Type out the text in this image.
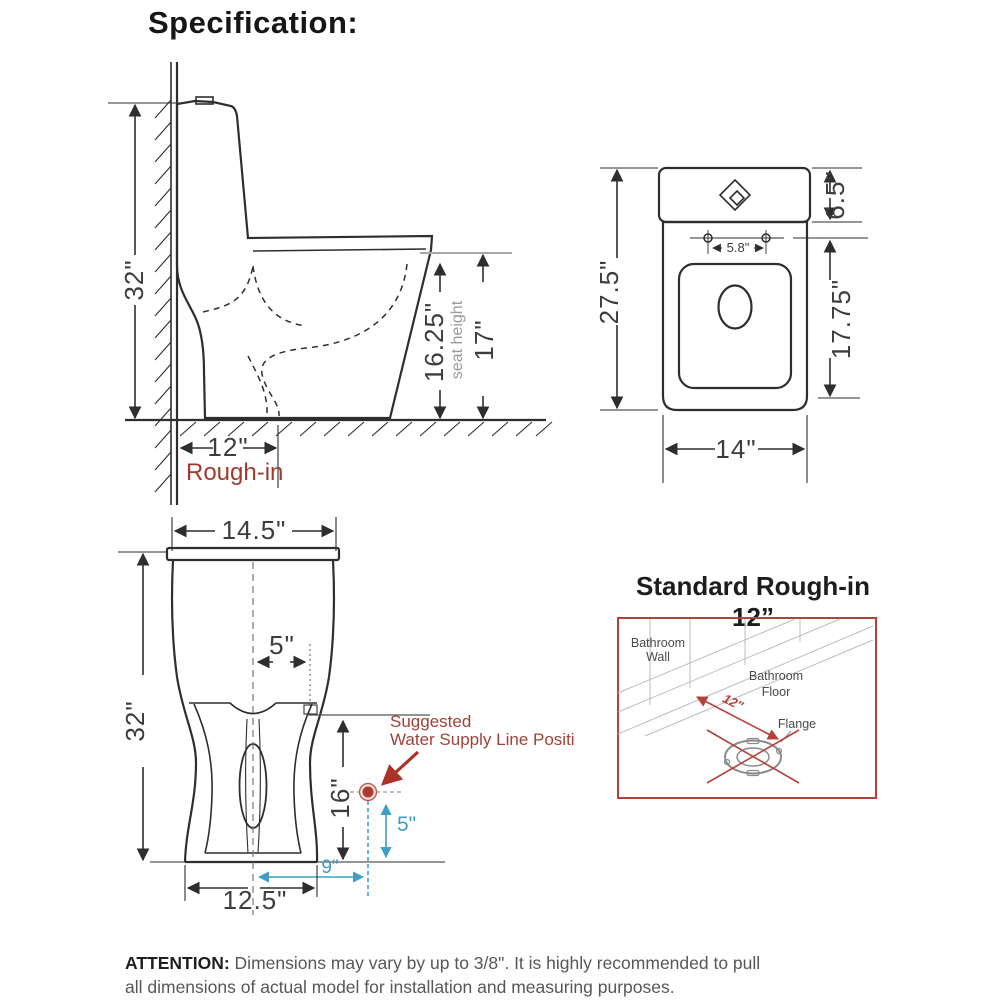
Specification:
32"
16.25" seat height 17"
12"
Rough-in
5.8"
27.5"
6.5"
17.75"
14"
14.5"
32"
5"
16"
5"
9"
12.5"
Suggested
Water Supply Line Positi
Standard Rough-in 12”
Bathroom
Wall
Bathroom
Floor
12"
Flange
ATTENTION: Dimensions may vary by up to 3/8". It is highly recommended to pull
all dimensions of actual model for installation and measuring purposes.
